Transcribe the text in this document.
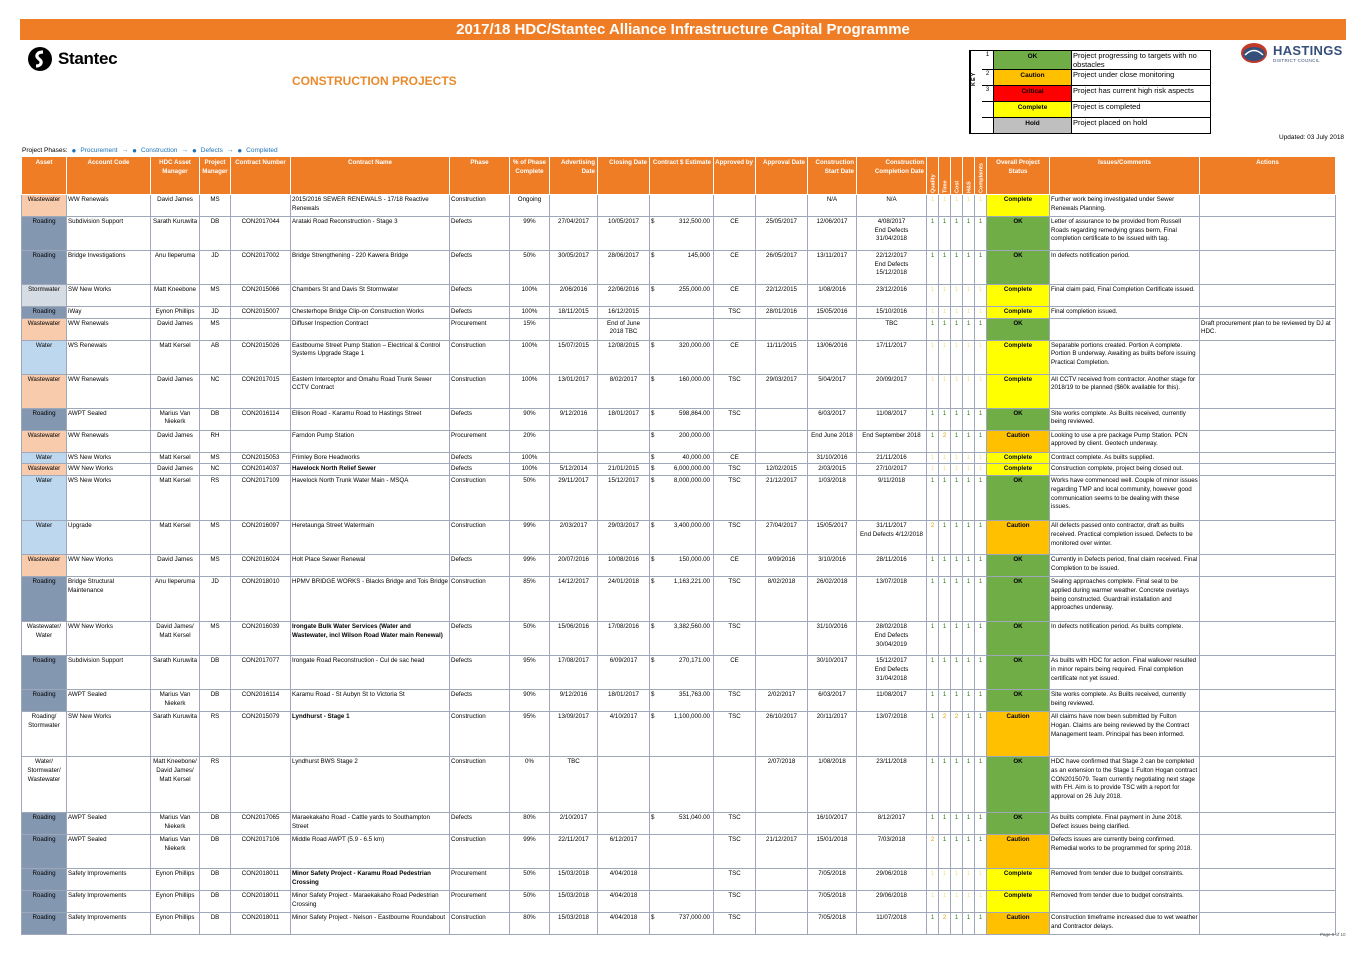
2017/18 HDC/Stantec Alliance Infrastructure Capital Programme
Stantec
CONSTRUCTION PROJECTS	KEY
1	OK	Project progressing to targets with no obstacles
2	Caution	Project under close monitoring
3	Critical	Project has current high risk aspects
Complete	Project is completed
Hold	Project placed on hold
HASTINGS
DISTRICT COUNCIL
Updated: 03 July 2018
Project Phases: ● Procurement → ● Construction → ● Defects → ● Completed
Asset	Account Code	HDC Asset Manager	Project Manager	Contract Number	Contract Name	Phase	% of Phase Complete	Advertising Date	Closing Date	Contract $ Estimate	Approved by	Approval Date	Construction Start Date	Construction Completion Date	Quality	Time	Cost	H&S	Complaints	Overall Project Status	Issues/Comments	Actions
Wastewater	WW Renewals	David James	MS		2015/2016 SEWER RENEWALS - 17/18 Reactive Renewals	Construction	Ongoing						N/A	N/A	1	1	1	1	1	Complete	Further work being investigated under Sewer Renewals Planning.	
Roading	Subdivision Support	Sarath Kuruwita	DB	CON2017044	Arataki Road Reconstruction - Stage 3	Defects	99%	27/04/2017	10/05/2017	$ 312,500.00	CE	25/05/2017	12/06/2017	4/08/2017
End Defects
31/04/2018	1	1	1	1	1	OK	Letter of assurance to be provided from Russell Roads regarding remedying grass berm, Final completion certificate to be issued with tag.	
Roading	Bridge Investigations	Anu Ileperuma	JD	CON2017002	Bridge Strengthening - 220 Kawera Bridge	Defects	50%	30/05/2017	28/06/2017	$ 145,000	CE	26/05/2017	13/11/2017	22/12/2017
End Defects
15/12/2018	1	1	1	1	1	OK	In defects notification period.	
Stormwater	SW New Works	Matt Kneebone	MS	CON2015066	Chambers St and Davis St Stormwater	Defects	100%	2/06/2016	22/06/2016	$ 255,000.00	CE	22/12/2015	1/08/2016	23/12/2016	1	1	1	1	1	Complete	Final claim paid, Final Completion Certificate issued.	
Roading	iWay	Eynon Phillips	JD	CON2015007	Chesterhope Bridge Clip-on Construction Works	Defects	100%	18/11/2015	16/12/2015		TSC	28/01/2016	15/05/2016	15/10/2016	1	1	1	1	1	Complete	Final completion issued.	
Wastewater	WW Renewals	David James	MS		Diffuser Inspection Contract	Procurement	15%		End of June
2018 TBC					TBC	1	1	1	1	1	OK		Draft procurement plan to be reviewed by DJ at HDC.
Water	WS Renewals	Matt Kersel	AB	CON2015026	Eastbourne Street Pump Station – Electrical & Control Systems Upgrade Stage 1	Construction	100%	15/07/2015	12/08/2015	$ 320,000.00	CE	11/11/2015	13/06/2016	17/11/2017	1	1	1	1	1	Complete	Separable portions created. Portion A complete. Portion B underway. Awaiting as builts before issuing Practical Completion.	
Wastewater	WW Renewals	David James	NC	CON2017015	Eastern Interceptor and Omahu Road Trunk Sewer CCTV Contract	Construction	100%	13/01/2017	8/02/2017	$ 160,000.00	TSC	29/03/2017	5/04/2017	20/09/2017	1	1	1	1	1	Complete	All CCTV received from contractor. Another stage for 2018/19 to be planned ($60k available for this).	
Roading	AWPT Sealed	Marius Van Niekerk	DB	CON2016114	Ellison Road - Karamu Road to Hastings Street	Defects	90%	9/12/2016	18/01/2017	$ 598,864.00	TSC		6/03/2017	11/08/2017	1	1	1	1	1	OK	Site works complete. As Builts received, currently being reviewed.	
Wastewater	WW Renewals	David James	RH		Farndon Pump Station	Procurement	20%			$ 200,000.00			End June 2018	End September 2018	1	2	1	1	1	Caution	Looking to use a pre package Pump Station. PCN approved by client. Geotech underway.	
Water	WS New Works	Matt Kersel	MS	CON2015053	Frimley Bore Headworks	Defects	100%			$ 40,000.00	CE		31/10/2016	21/11/2016	1	1	1	1	1	Complete	Contract complete. As builts supplied.	
Wastewater	WW New Works	David James	NC	CON2014037	Havelock North Relief Sewer	Defects	100%	5/12/2014	21/01/2015	$ 6,000,000.00	TSC	12/02/2015	2/03/2015	27/10/2017	1	1	1	1	1	Complete	Construction complete, project being closed out.	
Water	WS New Works	Matt Kersel	RS	CON2017109	Havelock North Trunk Water Main - MSQA	Construction	50%	29/11/2017	15/12/2017	$ 8,000,000.00	TSC	21/12/2017	1/03/2018	9/11/2018	1	1	1	1	1	OK	Works have commenced well. Couple of minor issues regarding TMP and local community, however good communication seems to be dealing with these issues.	
Water	Upgrade	Matt Kersel	MS	CON2016097	Heretaunga Street Watermain	Construction	99%	2/03/2017	29/03/2017	$ 3,400,000.00	TSC	27/04/2017	15/05/2017	31/11/2017
End Defects 4/12/2018	2	1	1	1	1	Caution	All defects passed onto contractor, draft as builts received. Practical completion issued. Defects to be monitored over winter.	
Wastewater	WW New Works	David James	MS	CON2016024	Holt Place Sewer Renewal	Defects	99%	20/07/2016	10/08/2016	$ 150,000.00	CE	9/09/2016	3/10/2016	28/11/2016	1	1	1	1	1	OK	Currently in Defects period, final claim received. Final Completion to be issued.	
Roading	Bridge Structural Maintenance	Anu Ileperuma	JD	CON2018010	HPMV BRIDGE WORKS - Blacks Bridge and Tois Bridge	Construction	85%	14/12/2017	24/01/2018	$ 1,163,221.00	TSC	8/02/2018	26/02/2018	13/07/2018	1	1	1	1	1	OK	Sealing approaches complete. Final seal to be applied during warmer weather. Concrete overlays being constructed. Guardrail installation and approaches underway.	
Wastewater/ Water	WW New Works	David James/ Matt Kersel	MS	CON2016039	Irongate Bulk Water Services (Water and Wastewater, incl Wilson Road Water main Renewal)	Defects	50%	15/06/2016	17/08/2016	$ 3,382,560.00	TSC		31/10/2016	28/02/2018
End Defects
30/04/2019	1	1	1	1	1	OK	In defects notification period. As builts complete.	
Roading	Subdivision Support	Sarath Kuruwita	DB	CON2017077	Irongate Road Reconstruction - Cul de sac head	Defects	95%	17/08/2017	6/09/2017	$ 270,171.00	CE		30/10/2017	15/12/2017
End Defects
31/04/2018	1	1	1	1	1	OK	As builts with HDC for action. Final walkover resulted in minor repairs being required. Final completion certificate not yet issued.	
Roading	AWPT Sealed	Marius Van Niekerk	DB	CON2016114	Karamu Road - St Aubyn St to Victoria St	Defects	90%	9/12/2016	18/01/2017	$ 351,763.00	TSC	2/02/2017	6/03/2017	11/08/2017	1	1	1	1	1	OK	Site works complete. As Builts received, currently being reviewed.	
Roading/ Stormwater	SW New Works	Sarath Kuruwita	RS	CON2015079	Lyndhurst - Stage 1	Construction	95%	13/09/2017	4/10/2017	$ 1,100,000.00	TSC	26/10/2017	20/11/2017	13/07/2018	1	2	2	1	1	Caution	All claims have now been submitted by Fulton Hogan. Claims are being reviewed by the Contract Management team. Principal has been informed.	
Water/ Stormwater/ Wastewater		Matt Kneebone/ David James/ Matt Kersel	RS		Lyndhurst BWS Stage 2	Construction	0%	TBC				2/07/2018	1/08/2018	23/11/2018	1	1	1	1	1	OK	HDC have confirmed that Stage 2 can be completed as an extension to the Stage 1 Fulton Hogan contract CON2015079. Team currently negotiating next stage with FH. Aim is to provide TSC with a report for approval on 26 July 2018.	
Roading	AWPT Sealed	Marius Van Niekerk	DB	CON2017065	Maraekakaho Road - Cattle yards to Southampton Street	Defects	80%	2/10/2017		$ 531,040.00	TSC		16/10/2017	8/12/2017	1	1	1	1	1	OK	As builts complete. Final payment in June 2018. Defect issues being clarified.	
Roading	AWPT Sealed	Marius Van Niekerk	DB	CON2017106	Middle Road AWPT (5.9 - 6.5 km)	Construction	99%	22/11/2017	6/12/2017		TSC	21/12/2017	15/01/2018	7/03/2018	2	1	1	1	1	Caution	Defects issues are currently being confirmed. Remedial works to be programmed for spring 2018.	
Roading	Safety Improvements	Eynon Phillips	DB	CON2018011	Minor Safety Project - Karamu Road Pedestrian Crossing	Procurement	50%	15/03/2018	4/04/2018		TSC		7/05/2018	29/06/2018	1	1	1	1	1	Complete	Removed from tender due to budget constraints.	
Roading	Safety Improvements	Eynon Phillips	DB	CON2018011	Minor Safety Project - Maraekakaho Road Pedestrian Crossing	Procurement	50%	15/03/2018	4/04/2018		TSC		7/05/2018	29/06/2018	1	1	1	1	1	Complete	Removed from tender due to budget constraints.	
Roading	Safety Improvements	Eynon Phillips	DB	CON2018011	Minor Safety Project - Nelson - Eastbourne Roundabout	Construction	80%	15/03/2018	4/04/2018	$ 737,000.00	TSC		7/05/2018	11/07/2018	1	2	1	1	1	Caution	Construction timeframe increased due to wet weather and Contractor delays.	
Page 9 of 10
